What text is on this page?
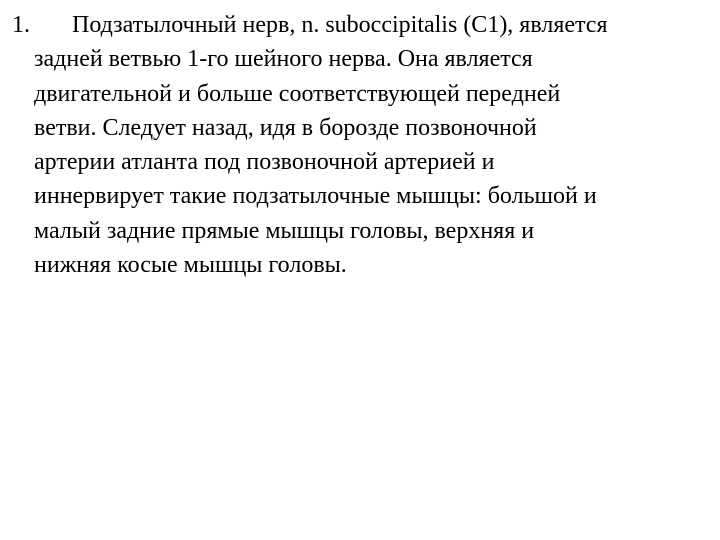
1. Подзатылочный нерв, n. suboccipitalis (C1), является
задней ветвью 1-го шейного нерва. Она является
двигательной и больше соответствующей передней
ветви. Следует назад, идя в борозде позвоночной
артерии атланта под позвоночной артерией и
иннервирует такие подзатылочные мышцы: большой и
малый задние прямые мышцы головы, верхняя и
нижняя косые мышцы головы.
